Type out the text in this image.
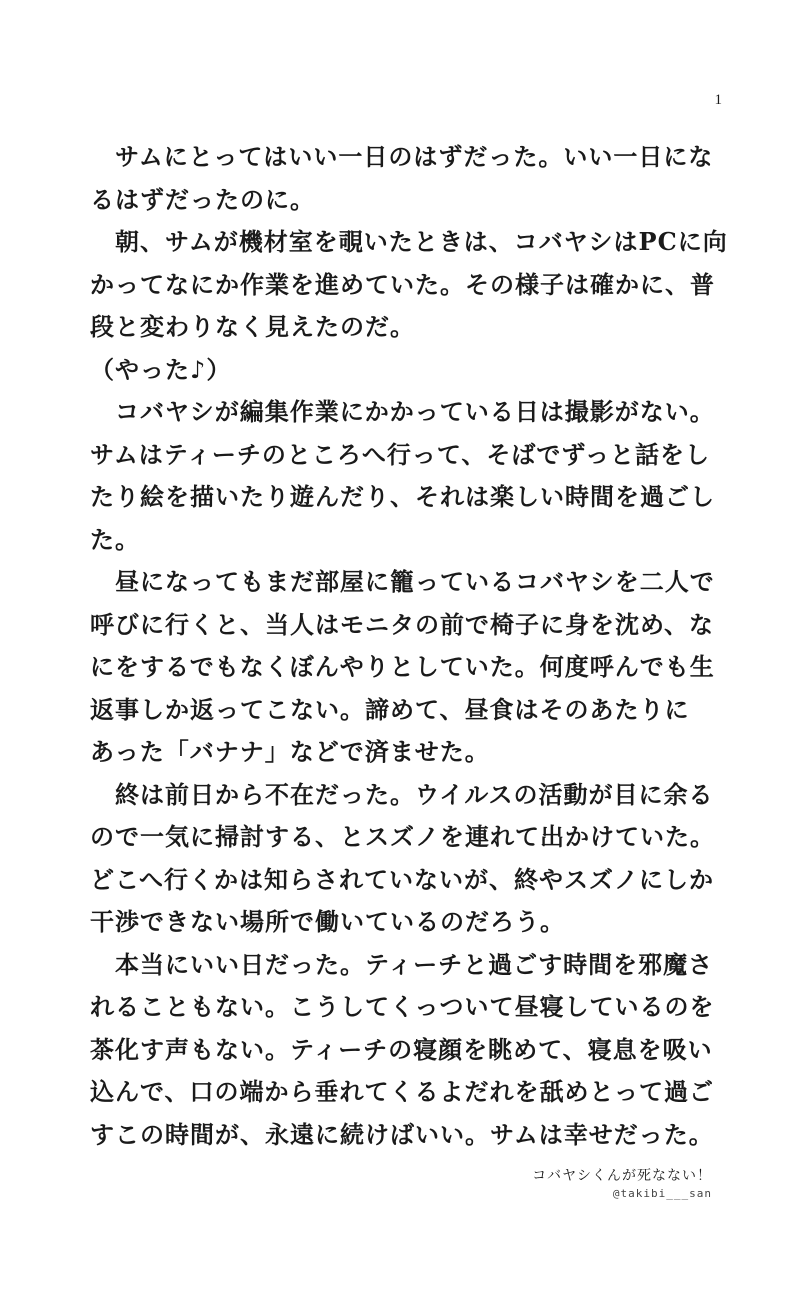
1
　サムにとってはいい一日のはずだった。いい一日にな
るはずだったのに。
　朝、サムが機材室を覗いたときは、コバヤシはPCに向
かってなにか作業を進めていた。その様子は確かに、普
段と変わりなく見えたのだ。
（やった♪）
　コバヤシが編集作業にかかっている日は撮影がない。
サムはティーチのところへ行って、そばでずっと話をし
たり絵を描いたり遊んだり、それは楽しい時間を過ごし
た。
　昼になってもまだ部屋に籠っているコバヤシを二人で
呼びに行くと、当人はモニタの前で椅子に身を沈め、な
にをするでもなくぼんやりとしていた。何度呼んでも生
返事しか返ってこない。諦めて、昼食はそのあたりに
あった「バナナ」などで済ませた。
　終は前日から不在だった。ウイルスの活動が目に余る
ので一気に掃討する、とスズノを連れて出かけていた。
どこへ行くかは知らされていないが、終やスズノにしか
干渉できない場所で働いているのだろう。
　本当にいい日だった。ティーチと過ごす時間を邪魔さ
れることもない。こうしてくっついて昼寝しているのを
茶化す声もない。ティーチの寝顔を眺めて、寝息を吸い
込んで、口の端から垂れてくるよだれを舐めとって過ご
すこの時間が、永遠に続けばいい。サムは幸せだった。
コバヤシくんが死なない！
@takibi___san
